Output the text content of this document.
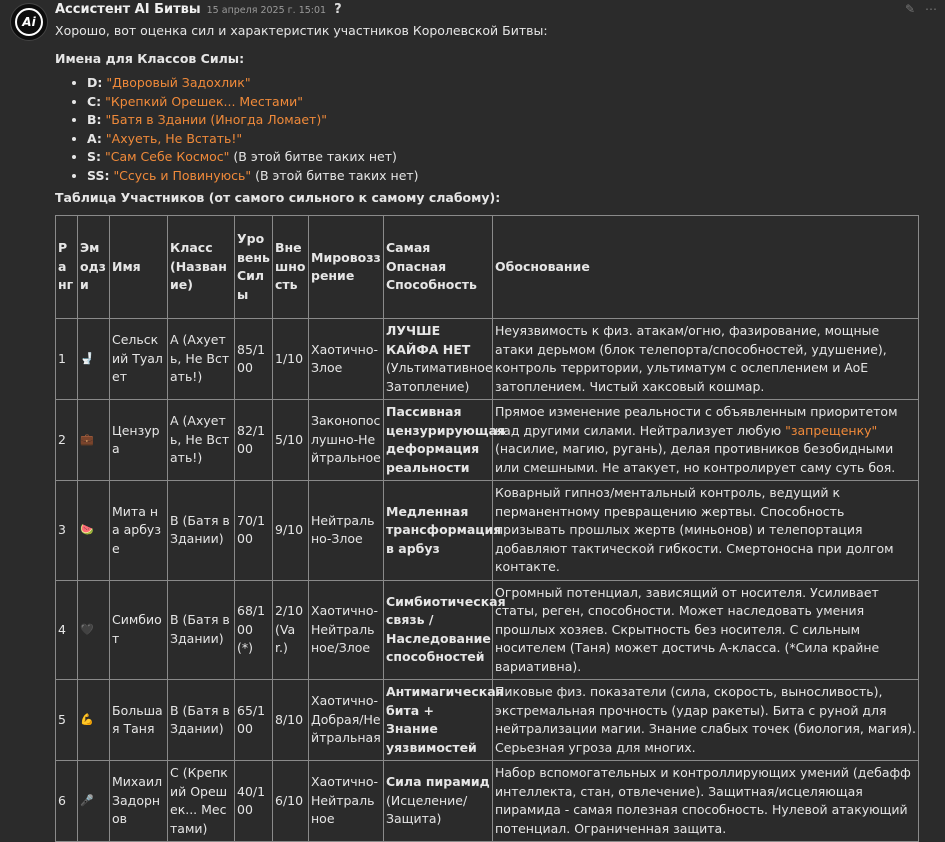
Ai
Ассистент AI Битвы 15 апреля 2025 г. 15:01 ?	✎ ⋯

Хорошо, вот оценка сил и характеристик участников Королевской Битвы:

Имена для Классов Силы:

• D: "Дворовый Задохлик"
• C: "Крепкий Орешек... Местами"
• B: "Батя в Здании (Иногда Ломает)"
• A: "Ахуеть, Не Встать!"
• S: "Сам Себе Космос" (В этой битве таких нет)
• SS: "Ссусь и Повинуюсь" (В этой битве таких нет)

Таблица Участников (от самого сильного к самому слабому):

Ранг	Эмодзи	Имя	Класс (Название)	Уровень Силы	Внешность	Мировоззрение	Самая Опасная Способность	Обоснование
1	🚽	Сельский Туалет	A (Ахуеть, Не Встать!)	85/100	1/10	Хаотично-Злое	ЛУЧШЕ КАЙФА НЕТ (Ультимативное Затопление)	Неуязвимость к физ. атакам/огню, фазирование, мощные атаки дерьмом (блок телепорта/способностей, удушение), контроль территории, ультиматум с ослеплением и AoE затоплением. Чистый хаксовый кошмар.
2	💼	Цензура	A (Ахуеть, Не Встать!)	82/100	5/10	Законопослушно-Нейтральное	Пассивная цензурирующая деформация реальности	Прямое изменение реальности с объявленным приоритетом над другими силами. Нейтрализует любую "запрещенку" (насилие, магию, ругань), делая противников безобидными или смешными. Не атакует, но контролирует саму суть боя.
3	🍉	Мита на арбузе	B (Батя в Здании)	70/100	9/10	Нейтрально-Злое	Медленная трансформация в арбуз	Коварный гипноз/ментальный контроль, ведущий к перманентному превращению жертвы. Способность призывать прошлых жертв (миньонов) и телепортация добавляют тактической гибкости. Смертоносна при долгом контакте.
4	🖤	Симбиот	B (Батя в Здании)	68/100 (*)	2/10 (Var.)	Хаотично-Нейтральное/Злое	Симбиотическая связь / Наследование способностей	Огромный потенциал, зависящий от носителя. Усиливает статы, реген, способности. Может наследовать умения прошлых хозяев. Скрытность без носителя. С сильным носителем (Таня) может достичь A-класса. (*Сила крайне вариативна).
5	💪	Большая Таня	B (Батя в Здании)	65/100	8/10	Хаотично-Добрая/Нейтральная	Антимагическая бита + Знание уязвимостей	Пиковые физ. показатели (сила, скорость, выносливость), экстремальная прочность (удар ракеты). Бита с руной для нейтрализации магии. Знание слабых точек (биология, магия). Серьезная угроза для многих.
6	🎤	Михаил Задорнов	C (Крепкий Орешек... Местами)	40/100	6/10	Хаотично-Нейтральное	Сила пирамид (Исцеление/Защита)	Набор вспомогательных и контроллирующих умений (дебафф интеллекта, стан, отвлечение). Защитная/исцеляющая пирамида - самая полезная способность. Нулевой атакующий потенциал. Ограниченная защита.
